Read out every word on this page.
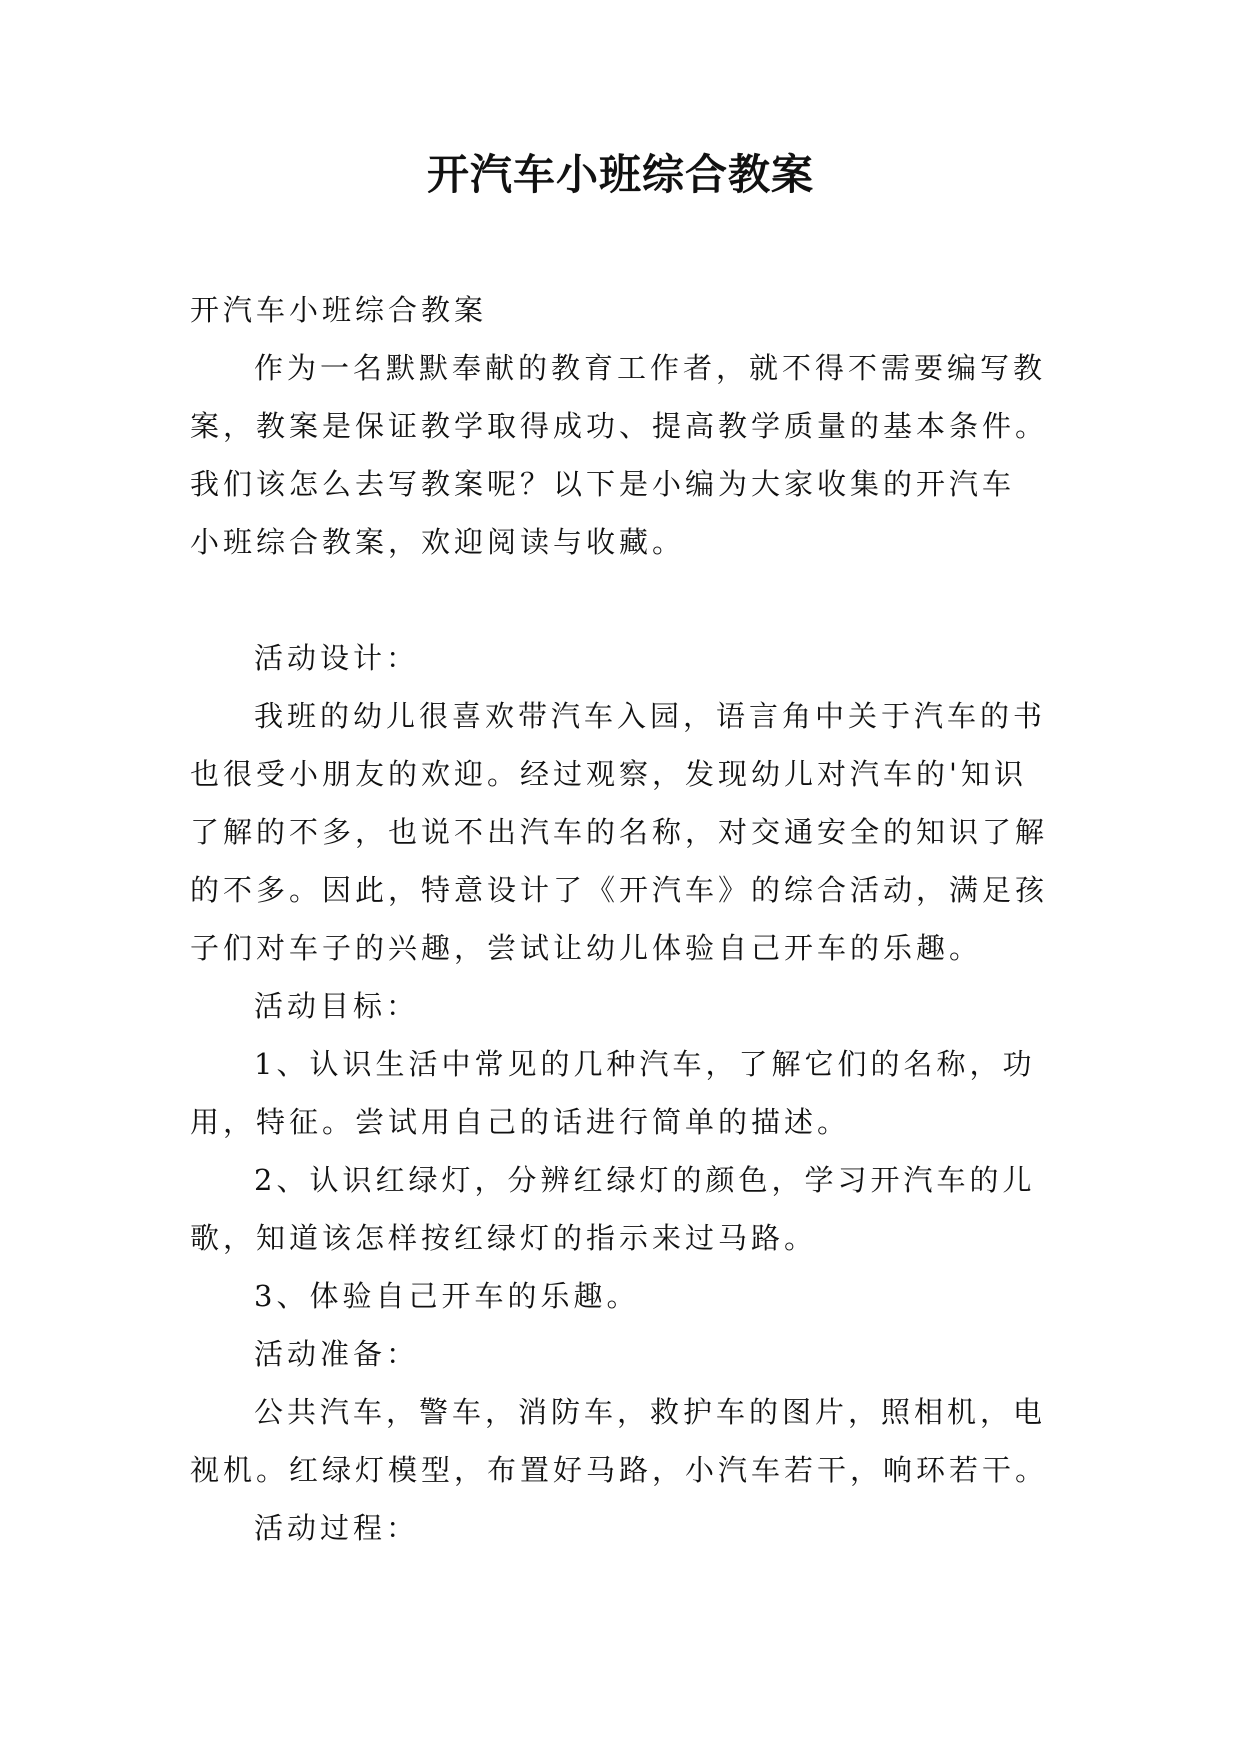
开汽车小班综合教案
开汽车小班综合教案
作为一名默默奉献的教育工作者，就不得不需要编写教
案，教案是保证教学取得成功、提高教学质量的基本条件。
我们该怎么去写教案呢？以下是小编为大家收集的开汽车
小班综合教案，欢迎阅读与收藏。
活动设计：
我班的幼儿很喜欢带汽车入园，语言角中关于汽车的书
也很受小朋友的欢迎。经过观察，发现幼儿对汽车的'知识
了解的不多，也说不出汽车的名称，对交通安全的知识了解
的不多。因此，特意设计了《开汽车》的综合活动，满足孩
子们对车子的兴趣，尝试让幼儿体验自己开车的乐趣。
活动目标：
1、认识生活中常见的几种汽车，了解它们的名称，功
用，特征。尝试用自己的话进行简单的描述。
2、认识红绿灯，分辨红绿灯的颜色，学习开汽车的儿
歌，知道该怎样按红绿灯的指示来过马路。
3、体验自己开车的乐趣。
活动准备：
公共汽车，警车，消防车，救护车的图片，照相机，电
视机。红绿灯模型，布置好马路，小汽车若干，响环若干。
活动过程：
